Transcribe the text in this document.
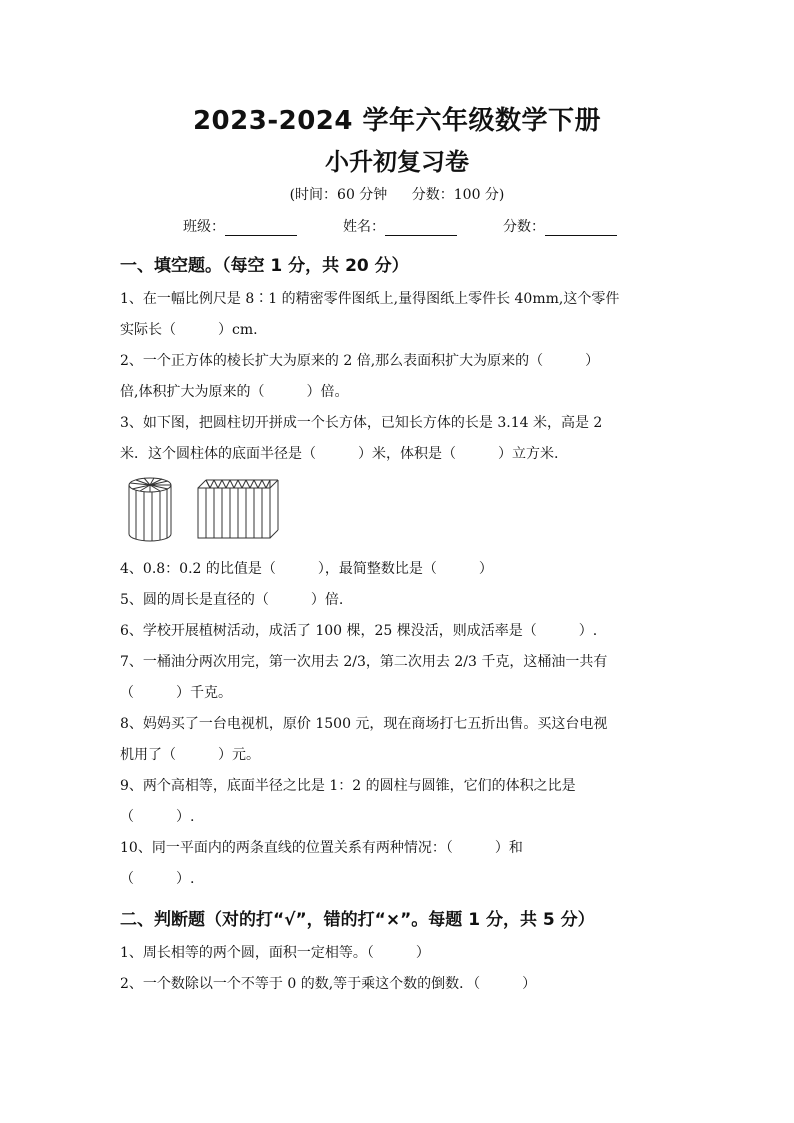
2023-2024 学年六年级数学下册
小升初复习卷
(时间：60 分钟 分数：100 分)
班级：	姓名：	分数：
一、填空题。（每空 1 分，共 20 分）
1、在一幅比例尺是 8∶1 的精密零件图纸上,量得图纸上零件长 40mm,这个零件
实际长（　　　）cm.
2、一个正方体的棱长扩大为原来的 2 倍,那么表面积扩大为原来的（　　　）
倍,体积扩大为原来的（　　　）倍。
3、如下图，把圆柱切开拼成一个长方体，已知长方体的长是 3.14 米，高是 2
米．这个圆柱体的底面半径是（　　　）米，体积是（　　　）立方米.
4、0.8：0.2 的比值是（　　　），最简整数比是（　　　）
5、圆的周长是直径的（　　　）倍.
6、学校开展植树活动，成活了 100 棵，25 棵没活，则成活率是（　　　）.
7、一桶油分两次用完，第一次用去 2/3，第二次用去 2/3 千克，这桶油一共有
（　　　）千克。
8、妈妈买了一台电视机，原价 1500 元，现在商场打七五折出售。买这台电视
机用了（　　　）元。
9、两个高相等，底面半径之比是 1：2 的圆柱与圆锥，它们的体积之比是
（　　　）.
10、同一平面内的两条直线的位置关系有两种情况：（　　　）和
（　　　）.
二、判断题（对的打“√”，错的打“×”。每题 1 分，共 5 分）
1、周长相等的两个圆，面积一定相等。（　　　）
2、一个数除以一个不等于 0 的数,等于乘这个数的倒数．（　　　）
